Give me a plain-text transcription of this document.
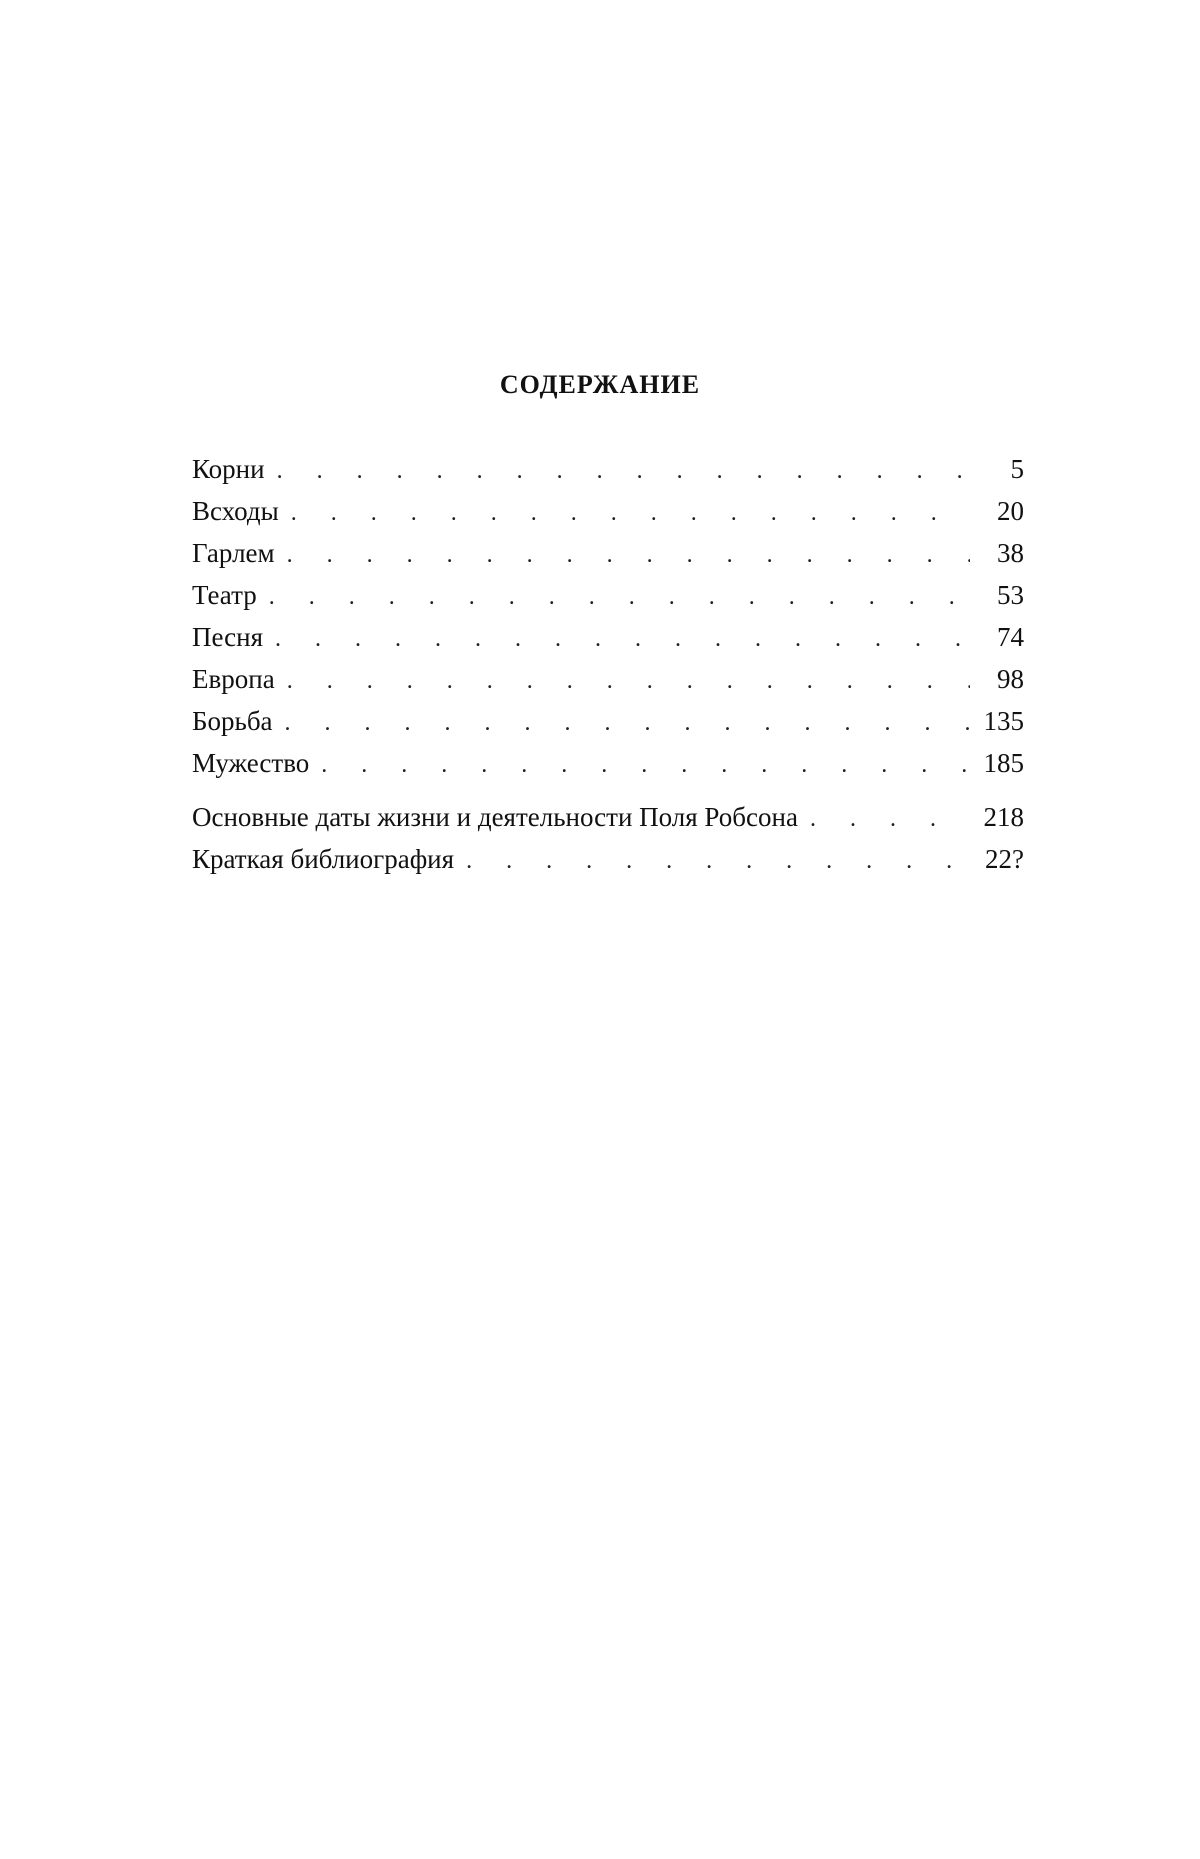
СОДЕРЖАНИЕ
Корни . . .	5
Всходы . . .	20
Гарлем . . .	38
Театр . . .	53
Песня . . .	74
Европа . . .	98
Борьба . . .	135
Мужество . . .	185
Основные даты жизни и деятельности Поля Робсона . . .	218
Краткая библиография . . .	22?
